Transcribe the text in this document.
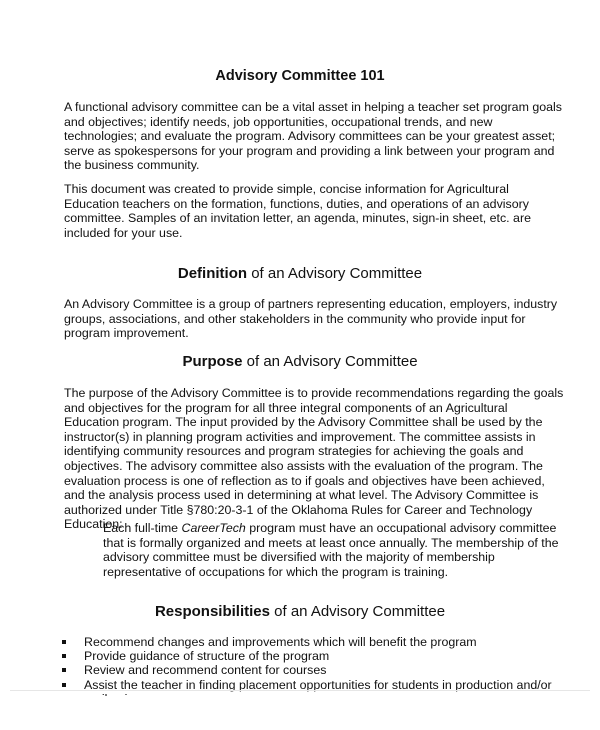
Advisory Committee 101

A functional advisory committee can be a vital asset in helping a teacher set program goals and objectives; identify needs, job opportunities, occupational trends, and new technologies; and evaluate the program. Advisory committees can be your greatest asset; serve as spokespersons for your program and providing a link between your program and the business community.

This document was created to provide simple, concise information for Agricultural Education teachers on the formation, functions, duties, and operations of an advisory committee. Samples of an invitation letter, an agenda, minutes, sign-in sheet, etc. are included for your use.

Definition of an Advisory Committee

An Advisory Committee is a group of partners representing education, employers, industry groups, associations, and other stakeholders in the community who provide input for program improvement.

Purpose of an Advisory Committee

The purpose of the Advisory Committee is to provide recommendations regarding the goals and objectives for the program for all three integral components of an Agricultural Education program. The input provided by the Advisory Committee shall be used by the instructor(s) in planning program activities and improvement. The committee assists in identifying community resources and program strategies for achieving the goals and objectives. The advisory committee also assists with the evaluation of the program. The evaluation process is one of reflection as to if goals and objectives have been achieved, and the analysis process used in determining at what level. The Advisory Committee is authorized under Title §780:20-3-1 of the Oklahoma Rules for Career and Technology Education:

Each full-time CareerTech program must have an occupational advisory committee that is formally organized and meets at least once annually. The membership of the advisory committee must be diversified with the majority of membership representative of occupations for which the program is training.

Responsibilities of an Advisory Committee
Recommend changes and improvements which will benefit the program
Provide guidance of structure of the program
Review and recommend content for courses
Assist the teacher in finding placement opportunities for students in production and/or
